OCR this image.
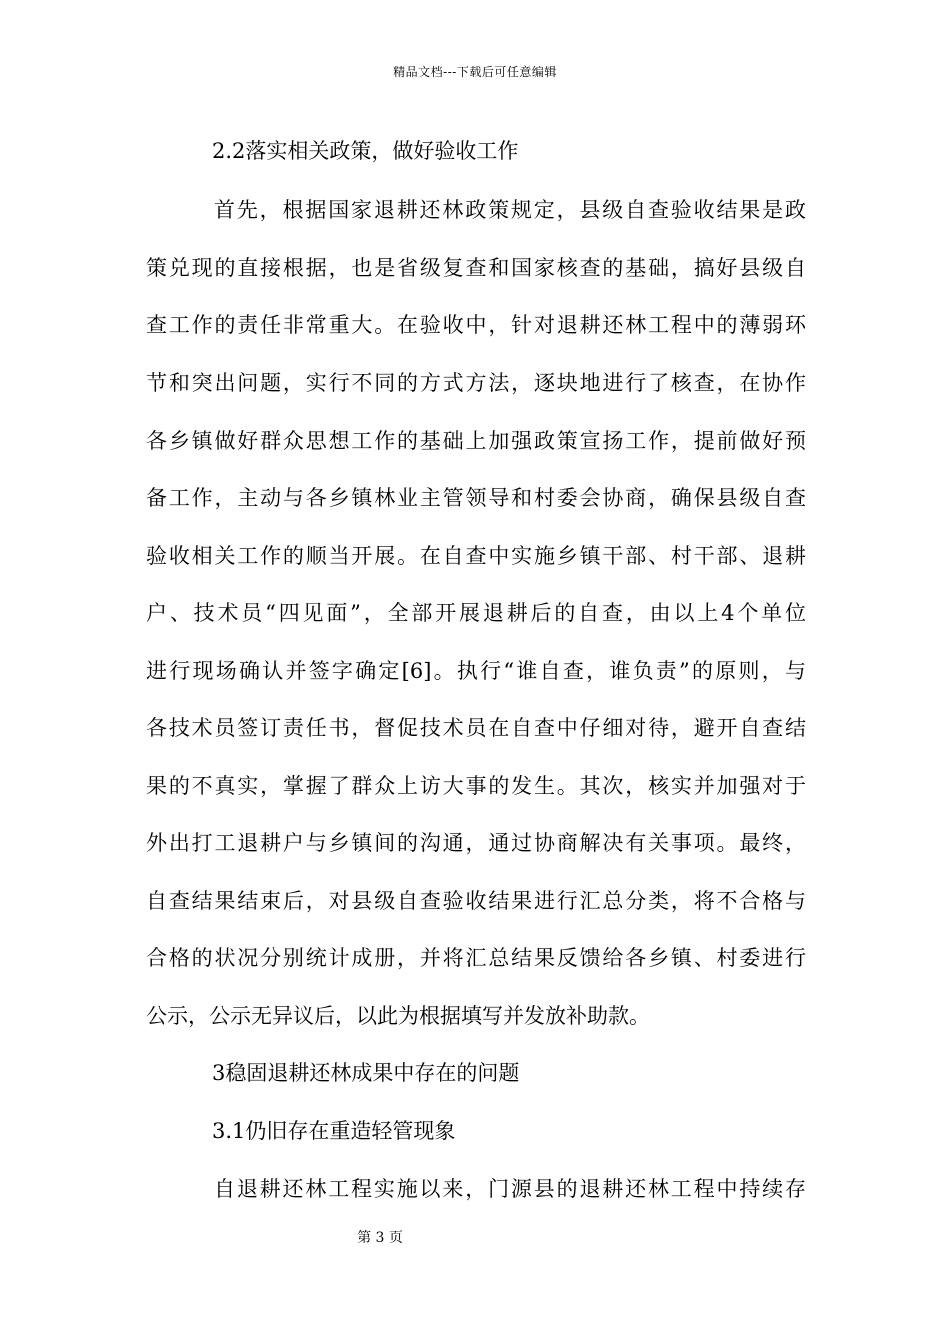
精品文档---下载后可任意编辑
2.2落实相关政策，做好验收工作
首先，根据国家退耕还林政策规定，县级自查验收结果是政
策兑现的直接根据，也是省级复查和国家核查的基础，搞好县级自
查工作的责任非常重大。在验收中，针对退耕还林工程中的薄弱环
节和突出问题，实行不同的方式方法，逐块地进行了核查，在协作
各乡镇做好群众思想工作的基础上加强政策宣扬工作，提前做好预
备工作，主动与各乡镇林业主管领导和村委会协商，确保县级自查
验收相关工作的顺当开展。在自查中实施乡镇干部、村干部、退耕
户、技术员“四见面”，全部开展退耕后的自查，由以上4个单位
进行现场确认并签字确定[6]。执行“谁自查，谁负责”的原则，与
各技术员签订责任书，督促技术员在自查中仔细对待，避开自查结
果的不真实，掌握了群众上访大事的发生。其次，核实并加强对于
外出打工退耕户与乡镇间的沟通，通过协商解决有关事项。最终，
自查结果结束后，对县级自查验收结果进行汇总分类，将不合格与
合格的状况分别统计成册，并将汇总结果反馈给各乡镇、村委进行
公示，公示无异议后，以此为根据填写并发放补助款。
3稳固退耕还林成果中存在的问题
3.1仍旧存在重造轻管现象
自退耕还林工程实施以来，门源县的退耕还林工程中持续存
第 3 页
